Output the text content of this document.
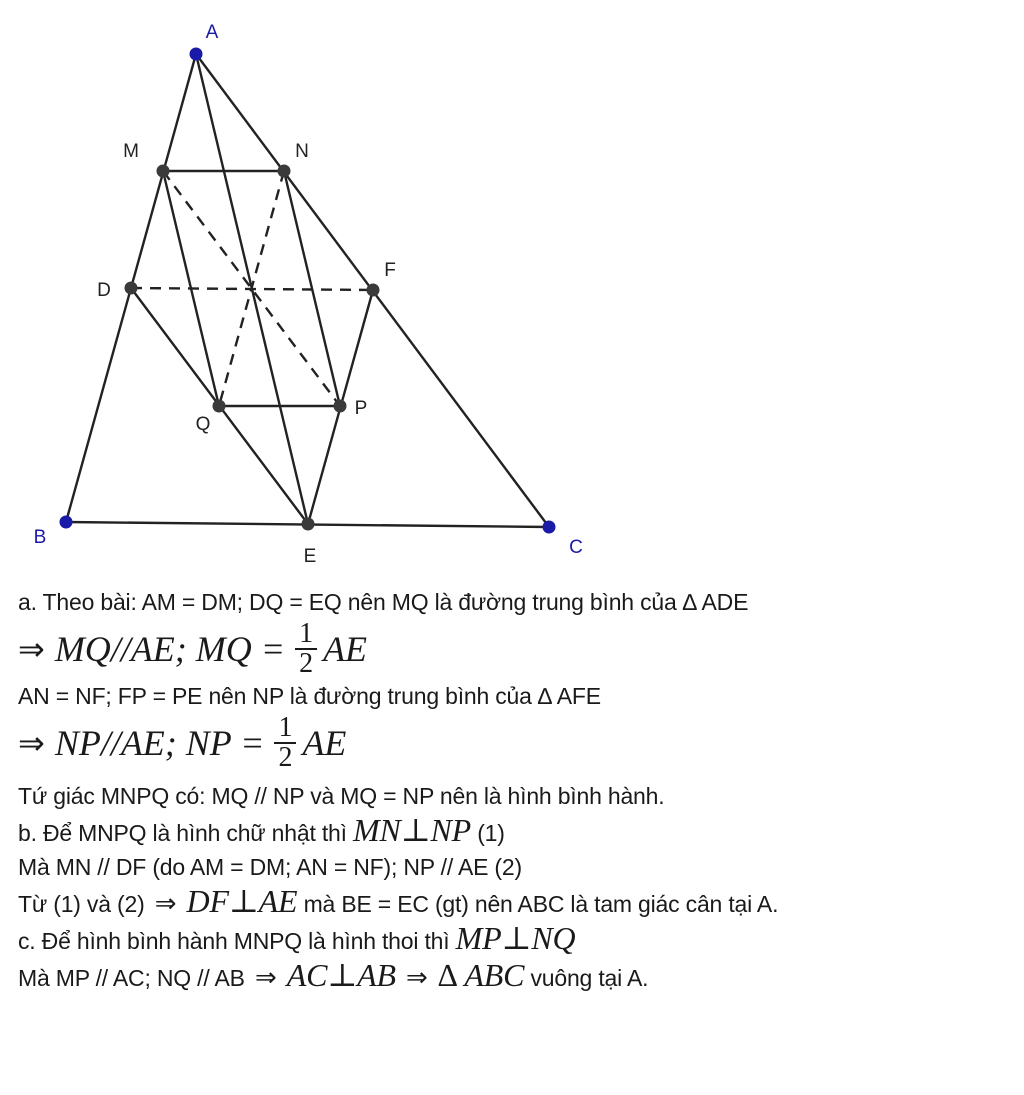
A
B	C
D
E
F
M	N
P
Q
a. Theo bài: AM = DM; DQ = EQ nên MQ là đường trung bình của ∆ ADE
⇒ MQ//AE; MQ = $\frac{1}{2}$ AE
AN = NF; FP = PE nên NP là đường trung bình của ∆ AFE
⇒ NP//AE; NP = $\frac{1}{2}$ AE
Tứ giác MNPQ có: MQ // NP và MQ = NP nên là hình bình hành.
b. Để MNPQ là hình chữ nhật thì MN⊥NP (1)
Mà MN // DF (do AM = DM; AN = NF); NP // AE (2)
Từ (1) và (2) ⇒ DF⊥AE mà BE = EC (gt) nên ABC là tam giác cân tại A.
c. Để hình bình hành MNPQ là hình thoi thì MP⊥NQ
Mà MP // AC; NQ // AB ⇒ AC⊥AB ⇒ ∆ ABC vuông tại A.
